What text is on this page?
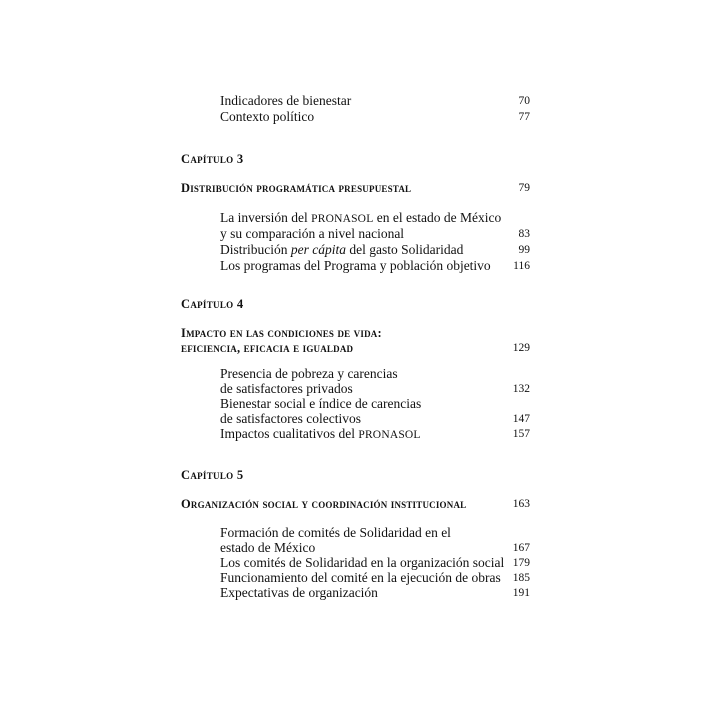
Indicadores de bienestar	70
Contexto político	77
Capítulo 3
Distribución programática presupuestal	79
La inversión del PRONASOL en el estado de México
y su comparación a nivel nacional	83
Distribución per cápita del gasto Solidaridad	99
Los programas del Programa y población objetivo	116
Capítulo 4
Impacto en las condiciones de vida:
eficiencia, eficacia e igualdad	129
Presencia de pobreza y carencias
de satisfactores privados	132
Bienestar social e índice de carencias
de satisfactores colectivos	147
Impactos cualitativos del PRONASOL	157
Capítulo 5
Organización social y coordinación institucional	163
Formación de comités de Solidaridad en el
estado de México	167
Los comités de Solidaridad en la organización social 179
Funcionamiento del comité en la ejecución de obras	185
Expectativas de organización	191
